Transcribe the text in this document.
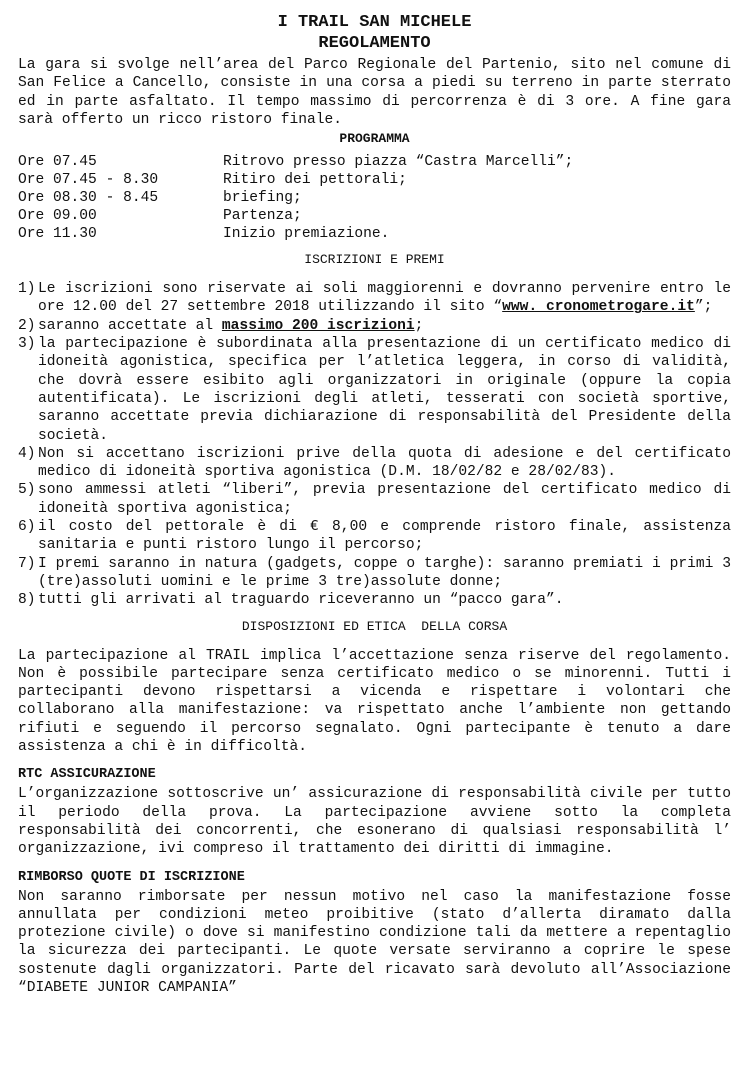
I TRAIL SAN MICHELE
REGOLAMENTO

La gara si svolge nell’area del Parco Regionale del Partenio, sito nel comune di San Felice a Cancello, consiste in una corsa a piedi su terreno in parte sterrato ed in parte asfaltato. Il tempo massimo di percorrenza è di 3 ore. A fine gara sarà offerto un ricco ristoro finale.

PROGRAMMA
Ore 07.45	Ritrovo presso piazza “Castra Marcelli”;
Ore 07.45 - 8.30	Ritiro dei pettorali;
Ore 08.30 - 8.45	briefing;
Ore 09.00	Partenza;
Ore 11.30	Inizio premiazione.
ISCRIZIONI E PREMI
1) Le iscrizioni sono riservate ai soli maggiorenni e dovranno pervenire entro le ore 12.00 del 27 settembre 2018 utilizzando il sito “www. cronometrogare.it”;
2) saranno accettate al massimo 200 iscrizioni;
3) la partecipazione è subordinata alla presentazione di un certificato medico di idoneità agonistica, specifica per l’atletica leggera, in corso di validità, che dovrà essere esibito agli organizzatori in originale (oppure la copia autentificata). Le iscrizioni degli atleti, tesserati con società sportive, saranno accettate previa dichiarazione di responsabilità del Presidente della società.
4) Non si accettano iscrizioni prive della quota di adesione e del certificato medico di idoneità sportiva agonistica (D.M. 18/02/82 e 28/02/83).
5) sono ammessi atleti “liberi”, previa presentazione del certificato medico di idoneità sportiva agonistica;
6) il costo del pettorale è di € 8,00 e comprende ristoro finale, assistenza sanitaria e punti ristoro lungo il percorso;
7) I premi saranno in natura (gadgets, coppe o targhe): saranno premiati i primi 3 (tre)assoluti uomini e le prime 3 tre)assolute donne;
8) tutti gli arrivati al traguardo riceveranno un “pacco gara”.
DISPOSIZIONI ED ETICA  DELLA CORSA

La partecipazione al TRAIL implica l’accettazione senza riserve del regolamento. Non è possibile partecipare senza certificato medico o se minorenni. Tutti i partecipanti devono rispettarsi a vicenda e rispettare i volontari che collaborano alla manifestazione: va rispettato anche l’ambiente non gettando rifiuti e seguendo il percorso segnalato. Ogni partecipante è tenuto a dare assistenza a chi è in difficoltà.

RTC ASSICURAZIONE

L’organizzazione sottoscrive un’ assicurazione di responsabilità civile per tutto il periodo della prova. La partecipazione avviene sotto la completa responsabilità dei concorrenti, che esonerano di qualsiasi responsabilità l’ organizzazione, ivi compreso il trattamento dei diritti di immagine.

RIMBORSO QUOTE DI ISCRIZIONE

Non saranno rimborsate per nessun motivo nel caso la manifestazione fosse annullata per condizioni meteo proibitive (stato d’allerta diramato dalla protezione civile) o dove si manifestino condizione tali da mettere a repentaglio la sicurezza dei partecipanti. Le quote versate serviranno a coprire le spese sostenute dagli organizzatori. Parte del ricavato sarà devoluto all’Associazione “DIABETE JUNIOR CAMPANIA”
